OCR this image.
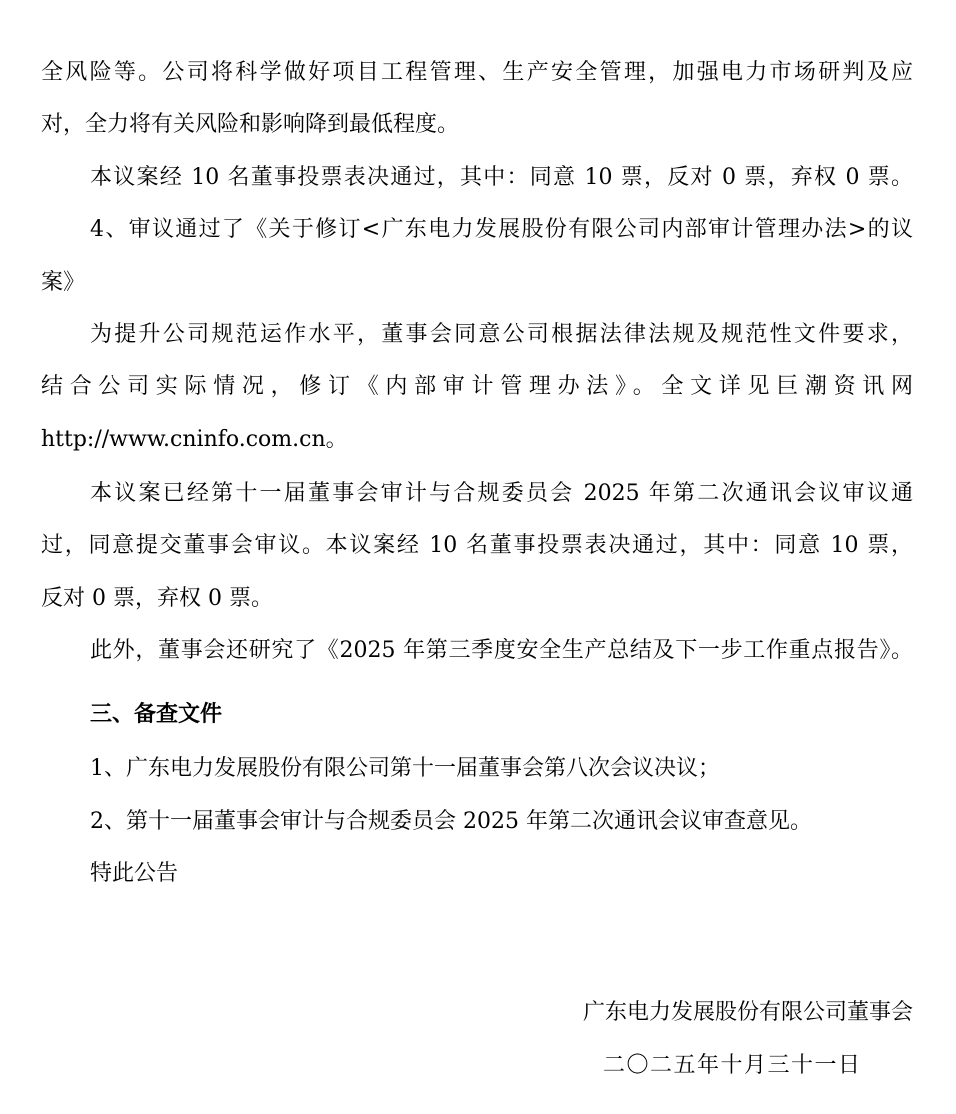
全风险等。公司将科学做好项目工程管理、生产安全管理，加强电力市场研判及应
对，全力将有关风险和影响降到最低程度。
本议案经 10 名董事投票表决通过，其中：同意 10 票，反对 0 票，弃权 0 票。
4、审议通过了《关于修订<广东电力发展股份有限公司内部审计管理办法>的议
案》
为提升公司规范运作水平，董事会同意公司根据法律法规及规范性文件要求，
结合公司实际情况，修订《内部审计管理办法》。全文详见巨潮资讯网
http://www.cninfo.com.cn。
本议案已经第十一届董事会审计与合规委员会 2025 年第二次通讯会议审议通
过，同意提交董事会审议。本议案经 10 名董事投票表决通过，其中：同意 10 票，
反对 0 票，弃权 0 票。
此外，董事会还研究了《2025 年第三季度安全生产总结及下一步工作重点报告》。
三、备查文件
1、广东电力发展股份有限公司第十一届董事会第八次会议决议；
2、第十一届董事会审计与合规委员会 2025 年第二次通讯会议审查意见。
特此公告
广东电力发展股份有限公司董事会
二〇二五年十月三十一日
